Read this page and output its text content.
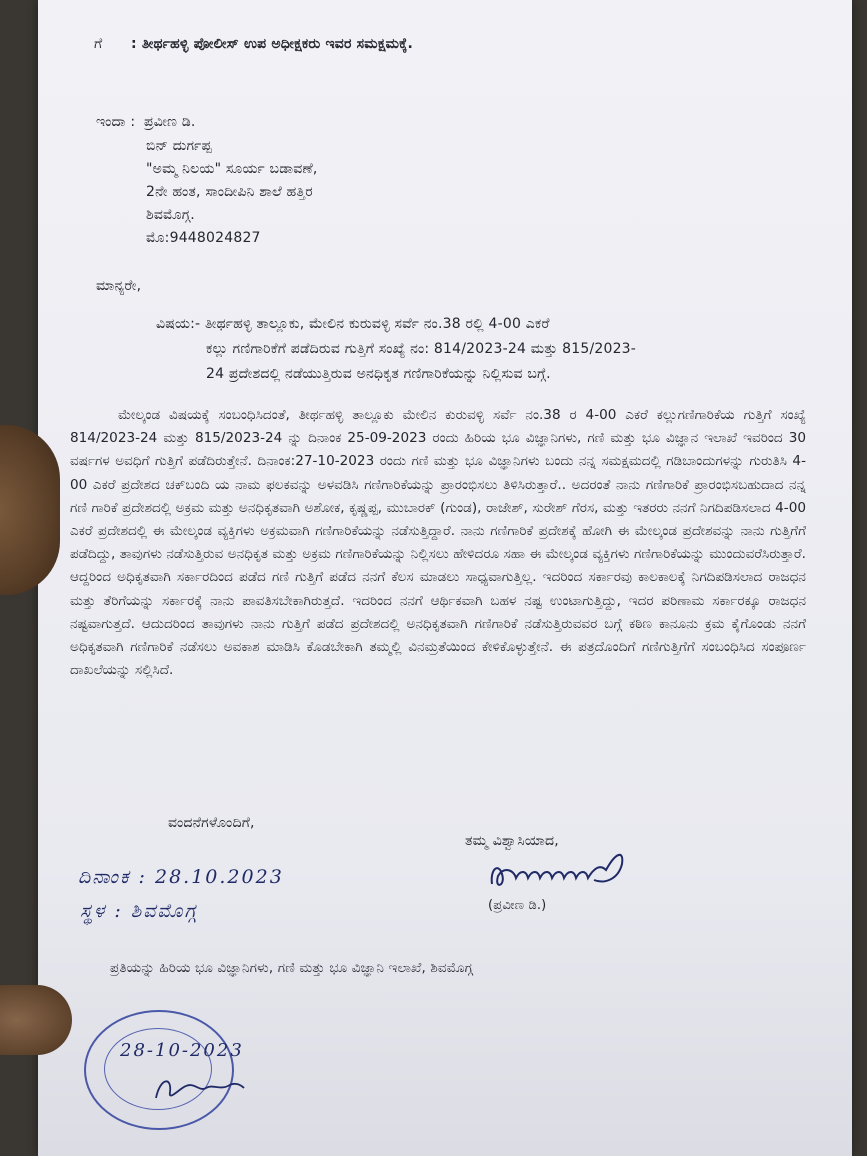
ಗೆ : ತೀರ್ಥಹಳ್ಳಿ ಪೋಲೀಸ್ ಉಪ ಅಧೀಕ್ಷಕರು ಇವರ ಸಮಕ್ಷಮಕ್ಕೆ.
ಇಂದಾ : ಪ್ರವೀಣ ಡಿ.
ಬಿನ್ ದುರ್ಗಪ್ಪ
"ಅಮ್ಮ ನಿಲಯ" ಸೂರ್ಯ ಬಡಾವಣೆ,
2ನೇ ಹಂತ, ಸಾಂದೀಪಿನಿ ಶಾಲೆ ಹತ್ತಿರ
ಶಿವಮೊಗ್ಗ.
ಮೊ:9448024827
ಮಾನ್ಯರೇ,
ವಿಷಯ:- ತೀರ್ಥಹಳ್ಳಿ ತಾಲ್ಲೂಕು, ಮೇಲಿನ ಕುರುವಳ್ಳಿ ಸರ್ವೆ ನಂ.38 ರಲ್ಲಿ 4-00 ಎಕರೆ
ಕಲ್ಲು ಗಣಿಗಾರಿಕೆಗೆ ಪಡೆದಿರುವ ಗುತ್ತಿಗೆ ಸಂಖ್ಯೆ ನಂ: 814/2023-24 ಮತ್ತು 815/2023-
24 ಪ್ರದೇಶದಲ್ಲಿ ನಡೆಯುತ್ತಿರುವ ಅನಧಿಕೃತ ಗಣಿಗಾರಿಕೆಯನ್ನು ನಿಲ್ಲಿಸುವ ಬಗ್ಗೆ.
ಮೇಲ್ಕಂಡ ವಿಷಯಕ್ಕೆ ಸಂಬಂಧಿಸಿದಂತೆ, ತೀರ್ಥಹಳ್ಳಿ ತಾಲ್ಲೂಕು ಮೇಲಿನ ಕುರುವಳ್ಳಿ ಸರ್ವೆ ನಂ.38 ರ 4-00 ಎಕರೆ ಕಲ್ಲುಗಣಿಗಾರಿಕೆಯ ಗುತ್ತಿಗೆ ಸಂಖ್ಯೆ 814/2023-24 ಮತ್ತು 815/2023-24 ನ್ನು ದಿನಾಂಕ 25-09-2023 ರಂದು ಹಿರಿಯ ಭೂ ವಿಜ್ಞಾನಿಗಳು, ಗಣಿ ಮತ್ತು ಭೂ ವಿಜ್ಞಾನ ಇಲಾಖೆ ಇವರಿಂದ 30 ವರ್ಷಗಳ ಅವಧಿಗೆ ಗುತ್ತಿಗೆ ಪಡೆದಿರುತ್ತೇನೆ. ದಿನಾಂಕ:27-10-2023 ರಂದು ಗಣಿ ಮತ್ತು ಭೂ ವಿಜ್ಞಾನಿಗಳು ಬಂದು ನನ್ನ ಸಮಕ್ಷಮದಲ್ಲಿ ಗಡಿಬಾಂದುಗಳನ್ನು ಗುರುತಿಸಿ 4-00 ಎಕರೆ ಪ್ರದೇಶದ ಚಕ್‌ಬಂದಿ ಯ ನಾಮ ಫಲಕವನ್ನು ಅಳವಡಿಸಿ ಗಣಿಗಾರಿಕೆಯನ್ನು ಪ್ರಾರಂಭಿಸಲು ತಿಳಿಸಿರುತ್ತಾರೆ.. ಅದರಂತೆ ನಾನು ಗಣಿಗಾರಿಕೆ ಪ್ರಾರಂಭಿಸಬಹುದಾದ ನನ್ನ ಗಣಿ ಗಾರಿಕೆ ಪ್ರದೇಶದಲ್ಲಿ ಅಕ್ರಮ ಮತ್ತು ಅನಧಿಕೃತವಾಗಿ ಅಶೋಕ, ಕೃಷ್ಣಪ್ಪ, ಮುಬಾರಕ್ (ಗುಂಡ), ರಾಜೇಶ್, ಸುರೇಶ್ ಗೆರಸ, ಮತ್ತು ಇತರರು ನನಗೆ ನಿಗದಿಪಡಿಸಲಾದ 4-00 ಎಕರೆ ಪ್ರದೇಶದಲ್ಲಿ ಈ ಮೇಲ್ಕಂಡ ವ್ಯಕ್ತಿಗಳು ಅಕ್ರಮವಾಗಿ ಗಣಿಗಾರಿಕೆಯನ್ನು ನಡೆಸುತ್ತಿದ್ದಾರೆ. ನಾನು ಗಣಿಗಾರಿಕೆ ಪ್ರದೇಶಕ್ಕೆ ಹೋಗಿ ಈ ಮೇಲ್ಕಂಡ ಪ್ರದೇಶವನ್ನು ನಾನು ಗುತ್ತಿಗೆಗೆ ಪಡೆದಿದ್ದು, ತಾವುಗಳು ನಡೆಸುತ್ತಿರುವ ಅನಧಿಕೃತ ಮತ್ತು ಅಕ್ರಮ ಗಣಿಗಾರಿಕೆಯನ್ನು ನಿಲ್ಲಿಸಲು ಹೇಳಿದರೂ ಸಹಾ ಈ ಮೇಲ್ಕಂಡ ವ್ಯಕ್ತಿಗಳು ಗಣಿಗಾರಿಕೆಯನ್ನು ಮುಂದುವರೆಸಿರುತ್ತಾರೆ. ಆದ್ದರಿಂದ ಅಧಿಕೃತವಾಗಿ ಸರ್ಕಾರದಿಂದ ಪಡೆದ ಗಣಿ ಗುತ್ತಿಗೆ ಪಡೆದ ನನಗೆ ಕೆಲಸ ಮಾಡಲು ಸಾಧ್ಯವಾಗುತ್ತಿಲ್ಲ. ಇದರಿಂದ ಸರ್ಕಾರವು ಕಾಲಕಾಲಕ್ಕೆ ನಿಗದಿಪಡಿಸಲಾದ ರಾಜಧನ ಮತ್ತು ತೆರಿಗೆಯನ್ನು ಸರ್ಕಾರಕ್ಕೆ ನಾನು ಪಾವತಿಸಬೇಕಾಗಿರುತ್ತದೆ. ಇದರಿಂದ ನನಗೆ ಆರ್ಥಿಕವಾಗಿ ಬಹಳ ನಷ್ಟ ಉಂಟಾಗುತ್ತಿದ್ದು, ಇದರ ಪರಿಣಾಮ ಸರ್ಕಾರಕ್ಕೂ ರಾಜಧನ ನಷ್ಟವಾಗುತ್ತದೆ. ಆದುದರಿಂದ ತಾವುಗಳು ನಾನು ಗುತ್ತಿಗೆ ಪಡೆದ ಪ್ರದೇಶದಲ್ಲಿ ಅನಧಿಕೃತವಾಗಿ ಗಣಿಗಾರಿಕೆ ನಡೆಸುತ್ತಿರುವವರ ಬಗ್ಗೆ ಕಠಿಣ ಕಾನೂನು ಕ್ರಮ ಕೈಗೊಂಡು ನನಗೆ ಅಧಿಕೃತವಾಗಿ ಗಣಿಗಾರಿಕೆ ನಡೆಸಲು ಅವಕಾಶ ಮಾಡಿಸಿ ಕೊಡಬೇಕಾಗಿ ತಮ್ಮಲ್ಲಿ ವಿನಮ್ರತೆಯಿಂದ ಕೇಳಿಕೊಳ್ಳುತ್ತೇನೆ. ಈ ಪತ್ರದೊಂದಿಗೆ ಗಣಿಗುತ್ತಿಗೆಗೆ ಸಂಬಂಧಿಸಿದ ಸಂಪೂರ್ಣ ದಾಖಲೆಯನ್ನು ಸಲ್ಲಿಸಿದೆ.
ವಂದನೆಗಳೊಂದಿಗೆ,
ತಮ್ಮ ವಿಶ್ವಾಸಿಯಾದ,
(ಪ್ರವೀಣ ಡಿ.)
ದಿನಾಂಕ : 28.10.2023
ಸ್ಥಳ : ಶಿವಮೊಗ್ಗ
ಪ್ರತಿಯನ್ನು ಹಿರಿಯ ಭೂ ವಿಜ್ಞಾನಿಗಳು, ಗಣಿ ಮತ್ತು ಭೂ ವಿಜ್ಞಾನಿ ಇಲಾಖೆ, ಶಿವಮೊಗ್ಗ
28-10-2023
